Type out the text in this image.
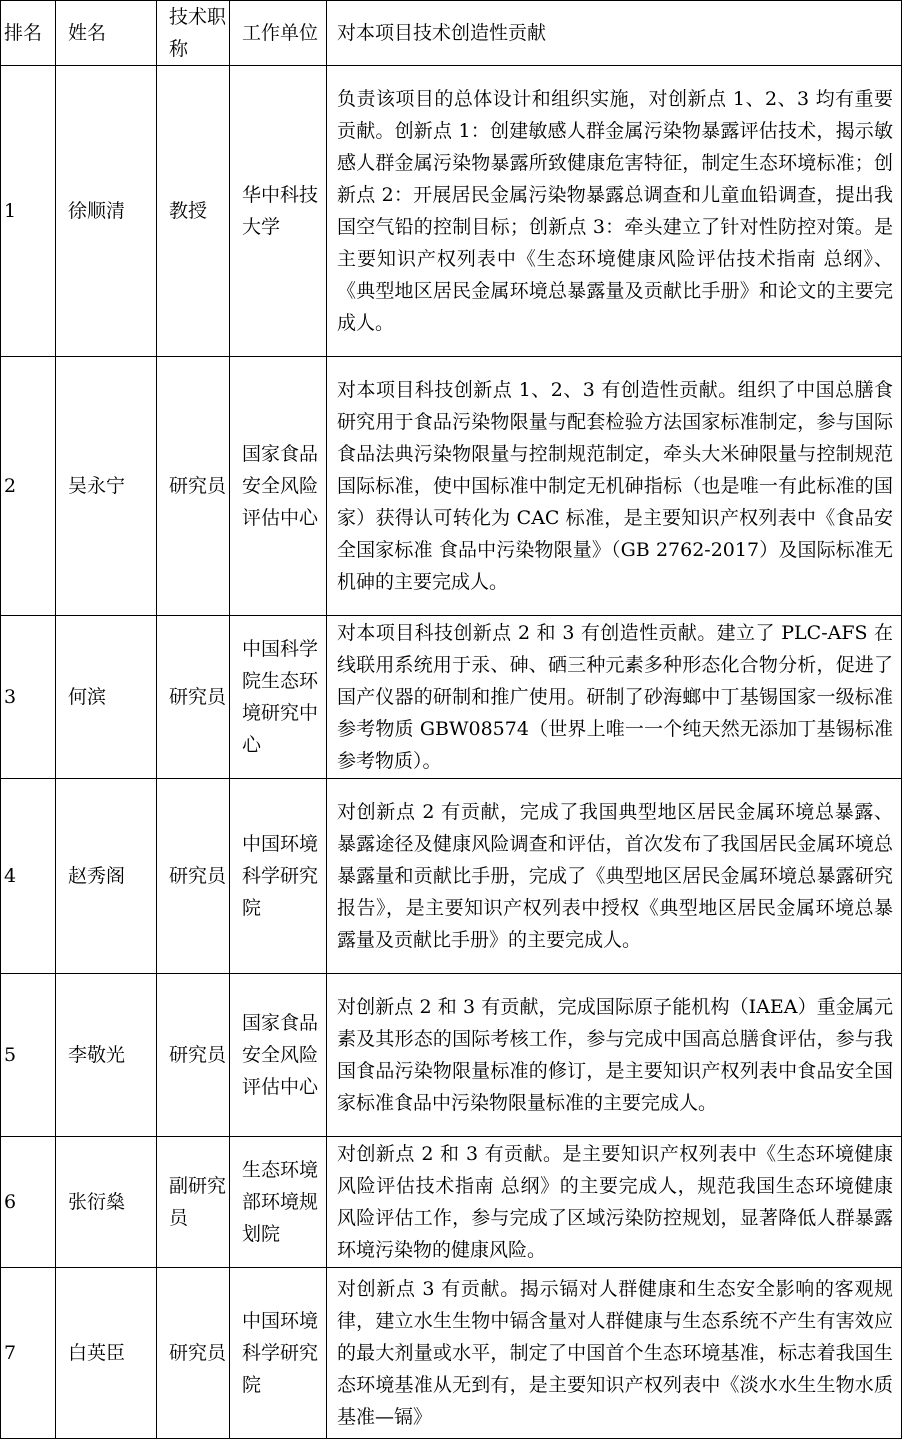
排名	姓名	技术职称	工作单位	对本项目技术创造性贡献
1	徐顺清	教授	华中科技大学	负责该项目的总体设计和组织实施，对创新点 1、2、3 均有重要贡献。创新点 1：创建敏感人群金属污染物暴露评估技术，揭示敏感人群金属污染物暴露所致健康危害特征，制定生态环境标准；创新点 2：开展居民金属污染物暴露总调查和儿童血铅调查，提出我国空气铅的控制目标；创新点 3：牵头建立了针对性防控对策。是主要知识产权列表中《生态环境健康风险评估技术指南 总纲》、《典型地区居民金属环境总暴露量及贡献比手册》和论文的主要完成人。
2	吴永宁	研究员	国家食品安全风险评估中心	对本项目科技创新点 1、2、3 有创造性贡献。组织了中国总膳食研究用于食品污染物限量与配套检验方法国家标准制定，参与国际食品法典污染物限量与控制规范制定，牵头大米砷限量与控制规范国际标准，使中国标准中制定无机砷指标（也是唯一有此标准的国家）获得认可转化为 CAC 标准，是主要知识产权列表中《食品安全国家标准 食品中污染物限量》（GB 2762-2017）及国际标准无机砷的主要完成人。
3	何滨	研究员	中国科学院生态环境研究中心	对本项目科技创新点 2 和 3 有创造性贡献。建立了 PLC-AFS 在线联用系统用于汞、砷、硒三种元素多种形态化合物分析，促进了国产仪器的研制和推广使用。研制了砂海螂中丁基锡国家一级标准参考物质 GBW08574（世界上唯一一个纯天然无添加丁基锡标准参考物质）。
4	赵秀阁	研究员	中国环境科学研究院	对创新点 2 有贡献，完成了我国典型地区居民金属环境总暴露、暴露途径及健康风险调查和评估，首次发布了我国居民金属环境总暴露量和贡献比手册，完成了《典型地区居民金属环境总暴露研究报告》，是主要知识产权列表中授权《典型地区居民金属环境总暴露量及贡献比手册》的主要完成人。
5	李敬光	研究员	国家食品安全风险评估中心	对创新点 2 和 3 有贡献，完成国际原子能机构（IAEA）重金属元素及其形态的国际考核工作，参与完成中国高总膳食评估，参与我国食品污染物限量标准的修订，是主要知识产权列表中食品安全国家标准食品中污染物限量标准的主要完成人。
6	张衍燊	副研究员	生态环境部环境规划院	对创新点 2 和 3 有贡献。是主要知识产权列表中《生态环境健康风险评估技术指南 总纲》的主要完成人，规范我国生态环境健康风险评估工作，参与完成了区域污染防控规划，显著降低人群暴露环境污染物的健康风险。
7	白英臣	研究员	中国环境科学研究院	对创新点 3 有贡献。揭示镉对人群健康和生态安全影响的客观规律，建立水生生物中镉含量对人群健康与生态系统不产生有害效应的最大剂量或水平，制定了中国首个生态环境基准，标志着我国生态环境基准从无到有，是主要知识产权列表中《淡水水生生物水质基准—镉》
